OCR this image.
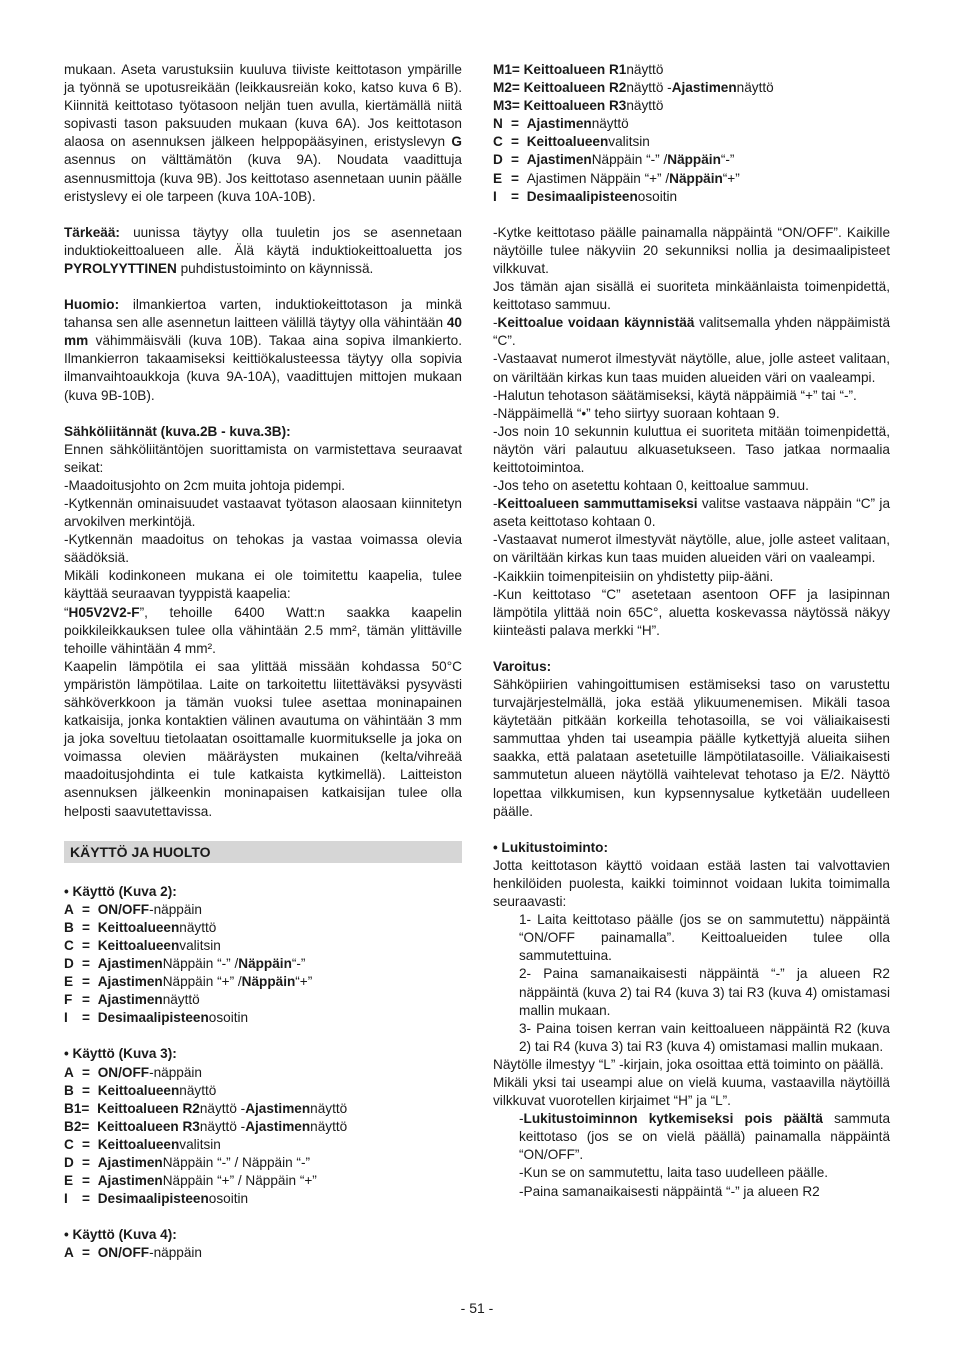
mukaan. Aseta varustuksiin kuuluva tiiviste keittotason ympärille ja työnnä se upotusreikään (leikkausreiän koko, katso kuva 6 B). Kiinnitä keittotaso työtasoon neljän tuen avulla, kiertämällä niitä sopivasti tason paksuuden mukaan (kuva 6A). Jos keittotason alaosa on asennuksen jälkeen helppopääsyinen, eristyslevyn G asennus on välttämätön (kuva 9A). Noudata vaadittuja asennusmittoja (kuva 9B). Jos keittotaso asennetaan uunin päälle eristyslevy ei ole tarpeen (kuva 10A-10B).

Tärkeää: uunissa täytyy olla tuuletin jos se asennetaan induktiokeittoalueen alle. Älä käytä induktiokeittoaluetta jos PYROLYYTTINEN puhdistustoiminto on käynnissä.

Huomio: ilmankiertoa varten, induktiokeittotason ja minkä tahansa sen alle asennetun laitteen välillä täytyy olla vähintään 40 mm vähimmäisväli (kuva 10B). Takaa aina sopiva ilmankierto. Ilmankierron takaamiseksi keittiökalusteessa täytyy olla sopivia ilmanvaihtoaukkoja (kuva 9A-10A), vaadittujen mittojen mukaan (kuva 9B-10B).

Sähköliitännät (kuva.2B - kuva.3B):

Ennen sähköliitäntöjen suorittamista on varmistettava seuraavat seikat:

-Maadoitusjohto on 2cm muita johtoja pidempi.

-Kytkennän ominaisuudet vastaavat työtason alaosaan kiinnitetyn arvokilven merkintöjä.

-Kytkennän maadoitus on tehokas ja vastaa voimassa olevia säädöksiä.

Mikäli kodinkoneen mukana ei ole toimitettu kaapelia, tulee käyttää seuraavan tyyppistä kaapelia:

“H05V2V2-F”, tehoille 6400 Watt:n saakka kaapelin poikkileikkauksen tulee olla vähintään 2.5 mm², tämän ylittäville tehoille vähintään 4 mm².

Kaapelin lämpötila ei saa ylittää missään kohdassa 50°C ympäristön lämpötilaa. Laite on tarkoitettu liitettäväksi pysyvästi sähköverkkoon ja tämän vuoksi tulee asettaa moninapainen katkaisija, jonka kontaktien välinen avautuma on vähintään 3 mm ja joka soveltuu tietolaatan osoittamalle kuormitukselle ja joka on voimassa olevien määräysten mukainen (kelta/vihreää maadoitusjohdinta ei tule katkaista kytkimellä). Laitteiston asennuksen jälkeenkin moninapaisen katkaisijan tulee olla helposti saavutettavissa.

KÄYTTÖ JA HUOLTO

• Käyttö (Kuva 2):

A = ON/OFF -näppäin
B = Keittoalueen näyttö
C = Keittoalueen valitsin
D = Ajastimen Näppäin “-” / Näppäin “-”
E = Ajastimen Näppäin “+” / Näppäin “+”
F = Ajastimen näyttö
I	= Desimaalipisteen osoitin

• Käyttö (Kuva 3):

A = ON/OFF -näppäin
B = Keittoalueen näyttö
B1 = Keittoalueen R2 näyttö - Ajastimen näyttö
B2 = Keittoalueen R3 näyttö - Ajastimen näyttö
C = Keittoalueen valitsin
D = Ajastimen Näppäin “-” / Näppäin “-”
E = Ajastimen Näppäin “+” / Näppäin “+”
I	= Desimaalipisteen osoitin

• Käyttö (Kuva 4):

A = ON/OFF -näppäin
M1 = Keittoalueen R1 näyttö
M2 = Keittoalueen R2 näyttö - Ajastimen näyttö
M3 = Keittoalueen R3 näyttö
N = Ajastimen näyttö
C = Keittoalueen valitsin
D = Ajastimen Näppäin “-” / Näppäin “-”
E = Ajastimen Näppäin “+” / Näppäin “+”
I	= Desimaalipisteen osoitin

-Kytke keittotaso päälle painamalla näppäintä “ON/OFF”. Kaikille näytöille tulee näkyviin 20 sekunniksi nollia ja desimaalipisteet vilkkuvat.

Jos tämän ajan sisällä ei suoriteta minkäänlaista toimenpidettä, keittotaso sammuu.

-Keittoalue voidaan käynnistää valitsemalla yhden näppäimistä “C”.

-Vastaavat numerot ilmestyvät näytölle, alue, jolle asteet valitaan, on väriltään kirkas kun taas muiden alueiden väri on vaaleampi.

-Halutun tehotason säätämiseksi, käytä näppäimiä “+” tai “-”.

-Näppäimellä “•” teho siirtyy suoraan kohtaan 9.

-Jos noin 10 sekunnin kuluttua ei suoriteta mitään toimenpidettä, näytön väri palautuu alkuasetukseen. Taso jatkaa normaalia keittotoimintoa.

-Jos teho on asetettu kohtaan 0, keittoalue sammuu.

-Keittoalueen sammuttamiseksi valitse vastaava näppäin “C” ja aseta keittotaso kohtaan 0.

-Vastaavat numerot ilmestyvät näytölle, alue, jolle asteet valitaan, on väriltään kirkas kun taas muiden alueiden väri on vaaleampi.

-Kaikkiin toimenpiteisiin on yhdistetty piip-ääni.

-Kun keittotaso “C” asetetaan asentoon OFF ja lasipinnan lämpötila ylittää noin 65C°, aluetta koskevassa näytössä näkyy kiinteästi palava merkki “H”.

Varoitus:

Sähköpiirien vahingoittumisen estämiseksi taso on varustettu turvajärjestelmällä, joka estää ylikuumenemisen. Mikäli tasoa käytetään pitkään korkeilla tehotasoilla, se voi väliaikaisesti sammuttaa yhden tai useampia päälle kytkettyjä alueita siihen saakka, että palataan asetetuille lämpötilatasoille. Väliaikaisesti sammutetun alueen näytöllä vaihtelevat tehotaso ja E/2. Näyttö lopettaa vilkkumisen, kun kypsennysalue kytketään uudelleen päälle.

• Lukitustoiminto:

Jotta keittotason käyttö voidaan estää lasten tai valvottavien henkilöiden puolesta, kaikki toiminnot voidaan lukita toimimalla seuraavasti:

1- Laita keittotaso päälle (jos se on sammutettu) näppäintä “ON/OFF painamalla”. Keittoalueiden tulee olla sammutettuina.

2- Paina samanaikaisesti näppäintä “-” ja alueen R2 näppäintä (kuva 2) tai R4 (kuva 3) tai R3 (kuva 4) omistamasi mallin mukaan.

3- Paina toisen kerran vain keittoalueen näppäintä R2 (kuva 2) tai R4 (kuva 3) tai R3 (kuva 4) omistamasi mallin mukaan.

Näytölle ilmestyy “L” -kirjain, joka osoittaa että toiminto on päällä.

Mikäli yksi tai useampi alue on vielä kuuma, vastaavilla näytöillä vilkkuvat vuorotellen kirjaimet “H” ja “L”.

-Lukitustoiminnon kytkemiseksi pois päältä sammuta keittotaso (jos se on vielä päällä) painamalla näppäintä “ON/OFF”.

-Kun se on sammutettu, laita taso uudelleen päälle.

-Paina samanaikaisesti näppäintä “-” ja alueen R2

- 51 -
